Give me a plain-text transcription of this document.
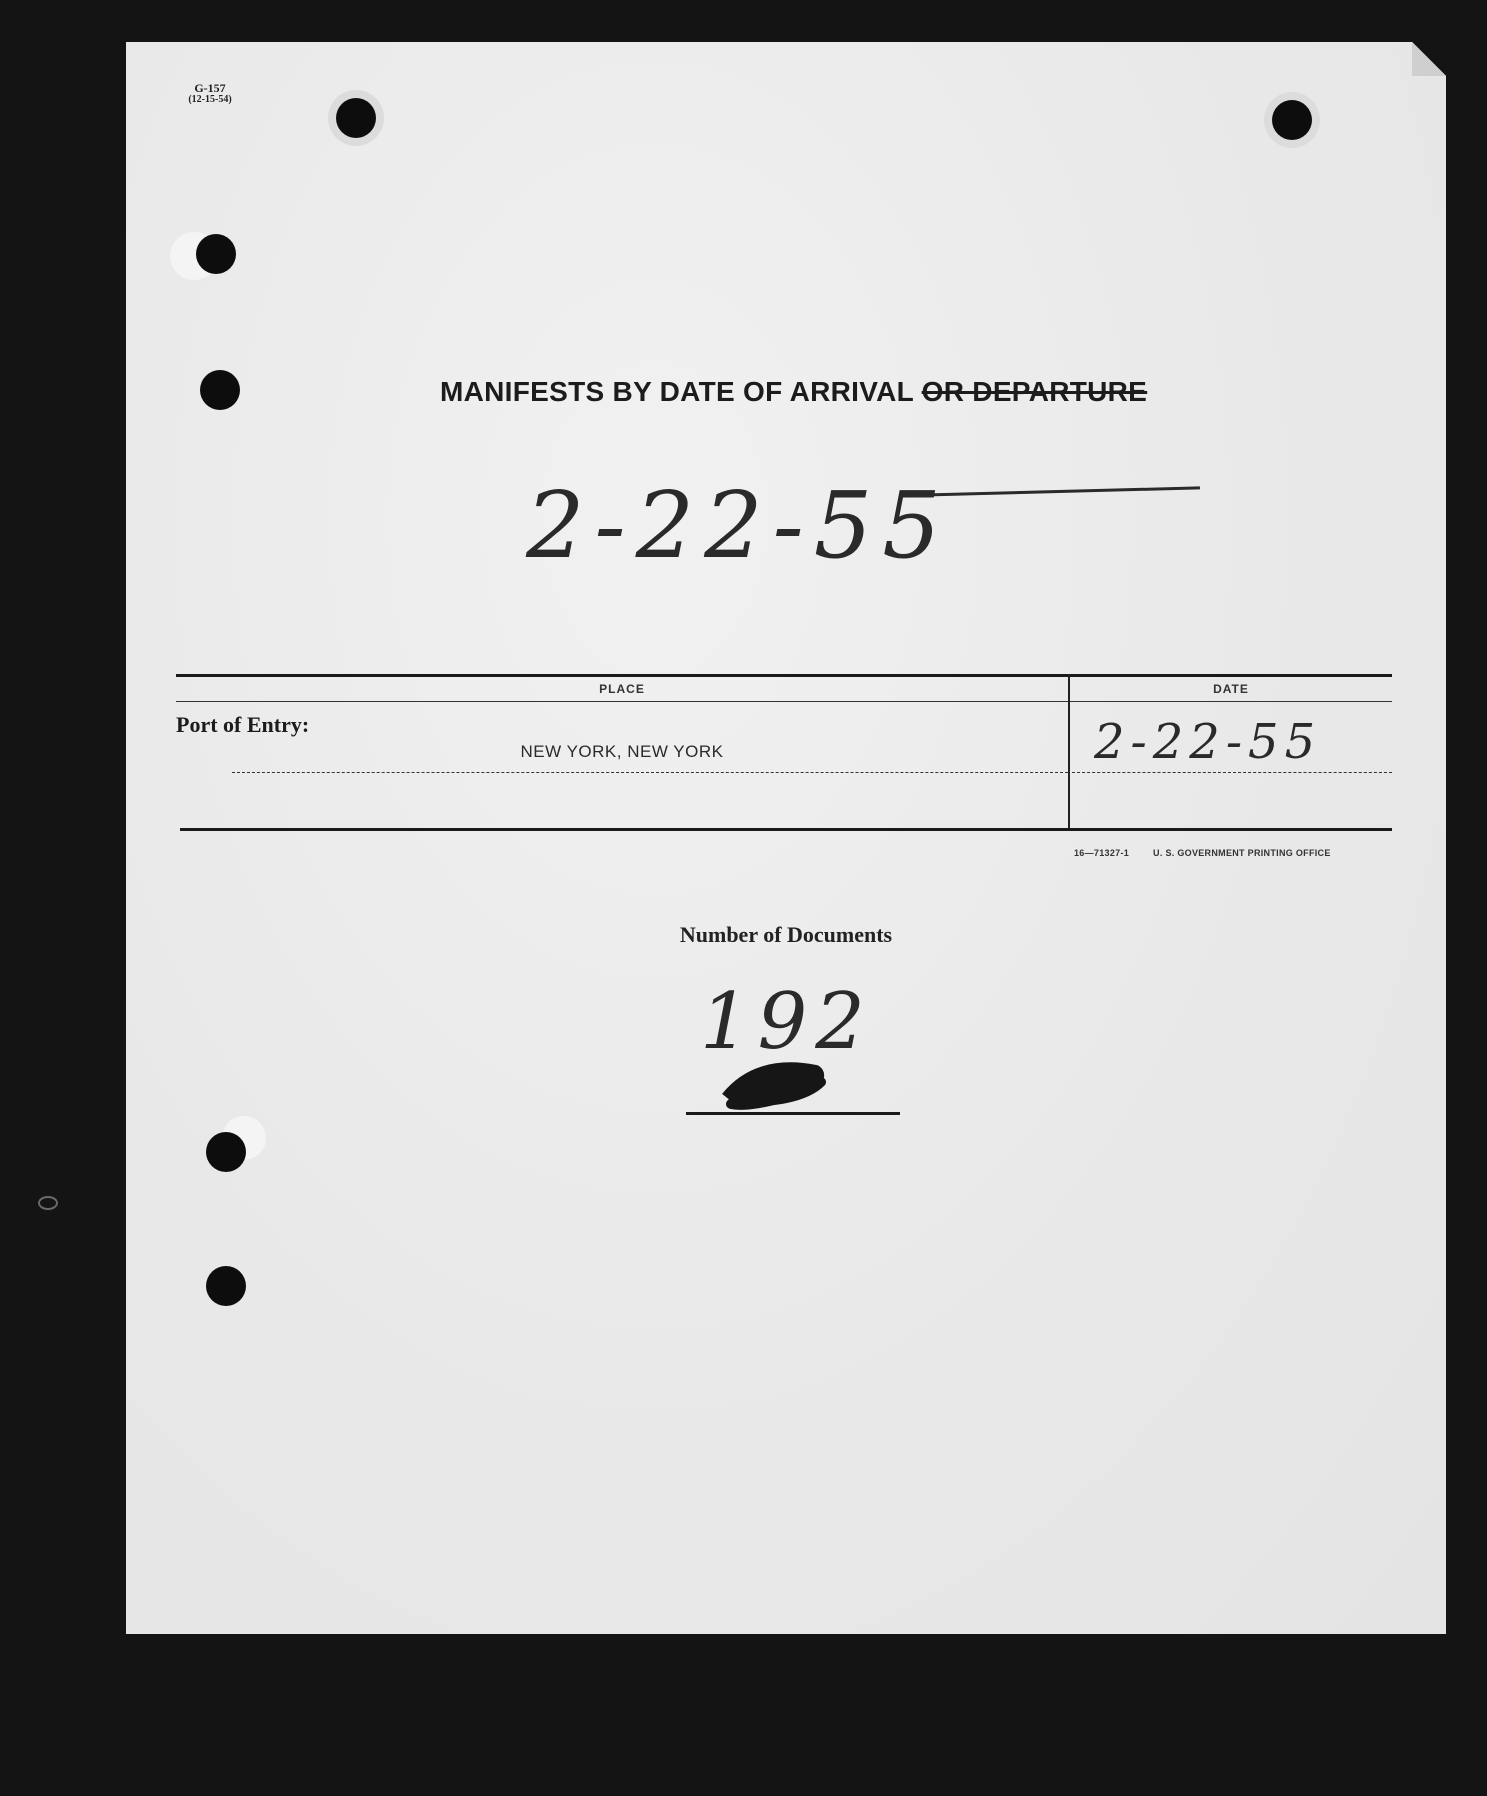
G-157
(12-15-54)
MANIFESTS BY DATE OF ARRIVAL OR DEPARTURE
2-22-55
PLACE	DATE
Port of Entry:
NEW YORK, NEW YORK	2-22-55
16—71327-1	U. S. GOVERNMENT PRINTING OFFICE
Number of Documents
192
